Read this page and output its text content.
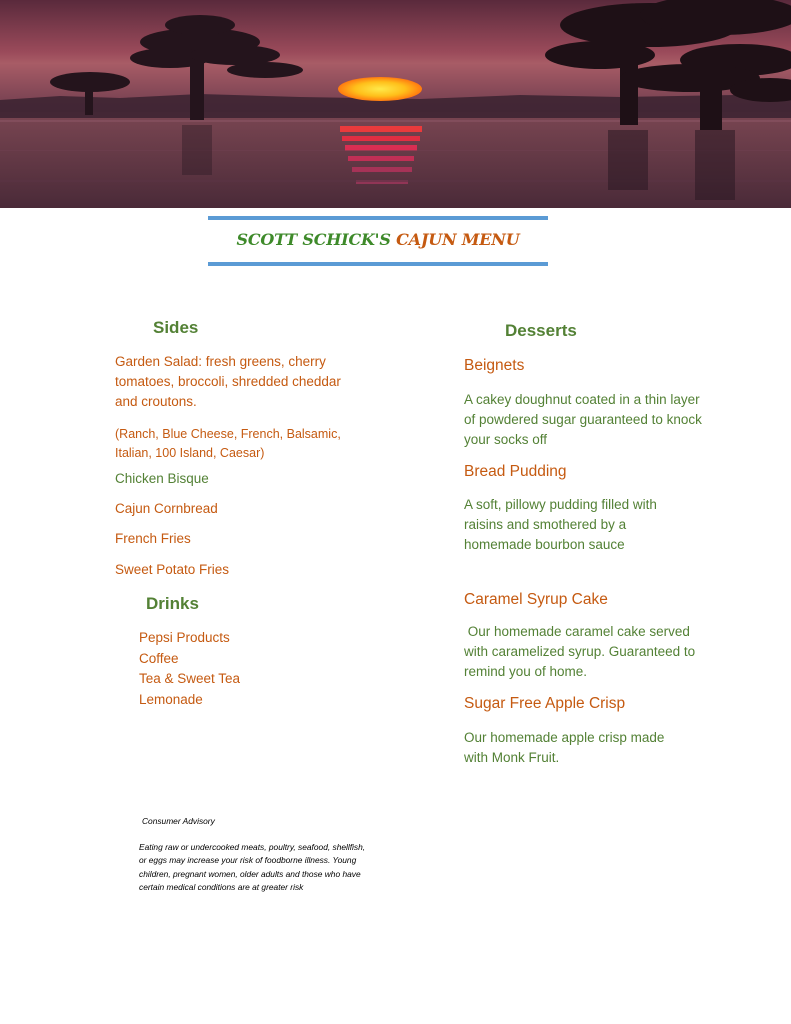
SCOTT SCHICK'S CAJUN MENU
Sides

Garden Salad: fresh greens, cherry tomatoes, broccoli, shredded cheddar and croutons.

(Ranch, Blue Cheese, French, Balsamic, Italian, 100 Island, Caesar)

Chicken Bisque

Cajun Cornbread

French Fries

Sweet Potato Fries

Drinks
Pepsi Products
Coffee
Tea & Sweet Tea
Lemonade
Desserts

Beignets

A cakey doughnut coated in a thin layer of powdered sugar guaranteed to knock your socks off

Bread Pudding

A soft, pillowy pudding filled with raisins and smothered by a homemade bourbon sauce

Caramel Syrup Cake

Our homemade caramel cake served with caramelized syrup. Guaranteed to remind you of home.

Sugar Free Apple Crisp

Our homemade apple crisp made with Monk Fruit.

Consumer Advisory

Eating raw or undercooked meats, poultry, seafood, shellfish, or eggs may increase your risk of foodborne illness. Young children, pregnant women, older adults and those who have certain medical conditions are at greater risk
